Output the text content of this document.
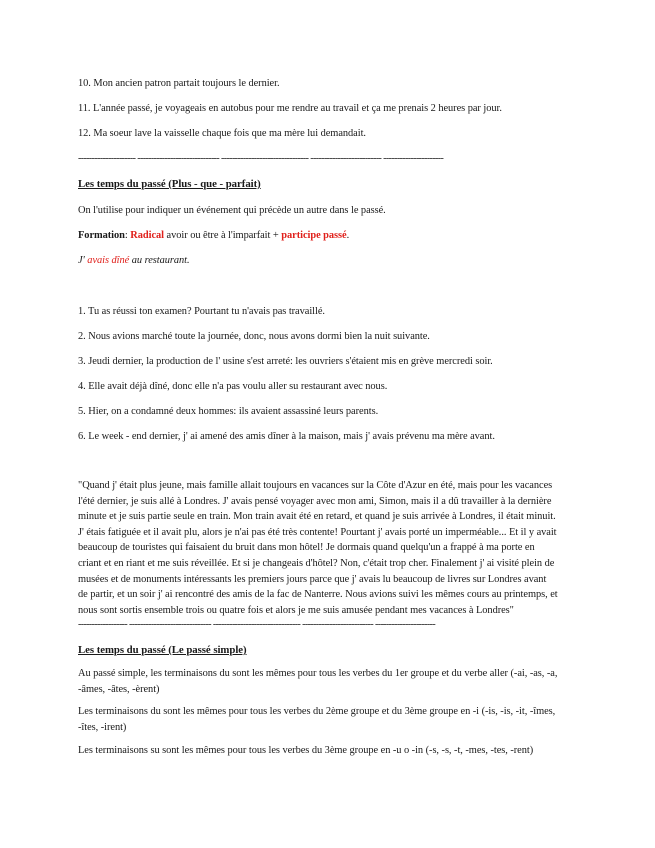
10. Mon ancien patron partait toujours le dernier.

11. L'année passé, je voyageais en autobus pour me rendre au travail et ça me prenais 2 heures par jour.

12. Ma soeur lave la vaisselle chaque fois que ma mère lui demandait.

--------------------- ------------------------------ -------------------------------- -------------------------- ----------------------

Les temps du passé (Plus - que - parfait)

On l'utilise pour indiquer un événement qui précède un autre dans le passé.

Formation: Radical avoir ou être à l'imparfait + participe passé.

J' avais dîné au restaurant.

1. Tu as réussi ton examen? Pourtant tu n'avais pas travaillé.

2. Nous avions marché toute la journée, donc, nous avons dormi bien la nuit suivante.

3. Jeudi dernier, la production de l' usine s'est arreté: les ouvriers s'étaient mis en grève mercredi soir.

4. Elle avait déjà dîné, donc elle n'a pas voulu aller su restaurant avec nous.

5. Hier, on a condamné deux hommes: ils avaient assassiné leurs parents.

6. Le week - end dernier, j' ai amené des amis dîner à la maison, mais j' avais prévenu ma mère avant.

"Quand j' était plus jeune, mais famille allait toujours en vacances sur la Côte d'Azur en été, mais pour les vacances
l'été dernier, je suis allé à Londres. J' avais pensé voyager avec mon ami, Simon, mais il a dû travailler à la dernière
minute et je suis partie seule en train. Mon train avait été en retard, et quand je suis arrivée à Londres, il était minuit.
J' étais fatiguée et il avait plu, alors je n'ai pas été très contente! Pourtant j' avais porté un imperméable... Et il y avait
beaucoup de touristes qui faisaient du bruit dans mon hôtel! Je dormais quand quelqu'un a frappé à ma porte en
criant et en riant et me suis réveillée. Et si je changeais d'hôtel? Non, c'était trop cher. Finalement j' ai visité plein de
musées et de monuments intéressants les premiers jours parce que j' avais lu beaucoup de livres sur Londres avant
de partir, et un soir j' ai rencontré des amis de la fac de Nanterre. Nous avions suivi les mêmes cours au printemps, et
nous sont sortis ensemble trois ou quatre fois et alors je me suis amusée pendant mes vacances à Londres"

------------------ ------------------------------ -------------------------------- -------------------------- ----------------------

Les temps du passé (Le passé simple)

Au passé simple, les terminaisons du sont les mêmes pour tous les verbes du 1er groupe et du verbe aller (-ai, -as, -a,
-âmes, -âtes, -èrent)
Les terminaisons du sont les mêmes pour tous les verbes du 2ème groupe et du 3ème groupe en -i (-is, -is, -it, -îmes,
-îtes, -irent)

Les terminaisons su sont les mêmes pour tous les verbes du 3ème groupe en -u o -in (-s, -s, -t, -mes, -tes, -rent)
